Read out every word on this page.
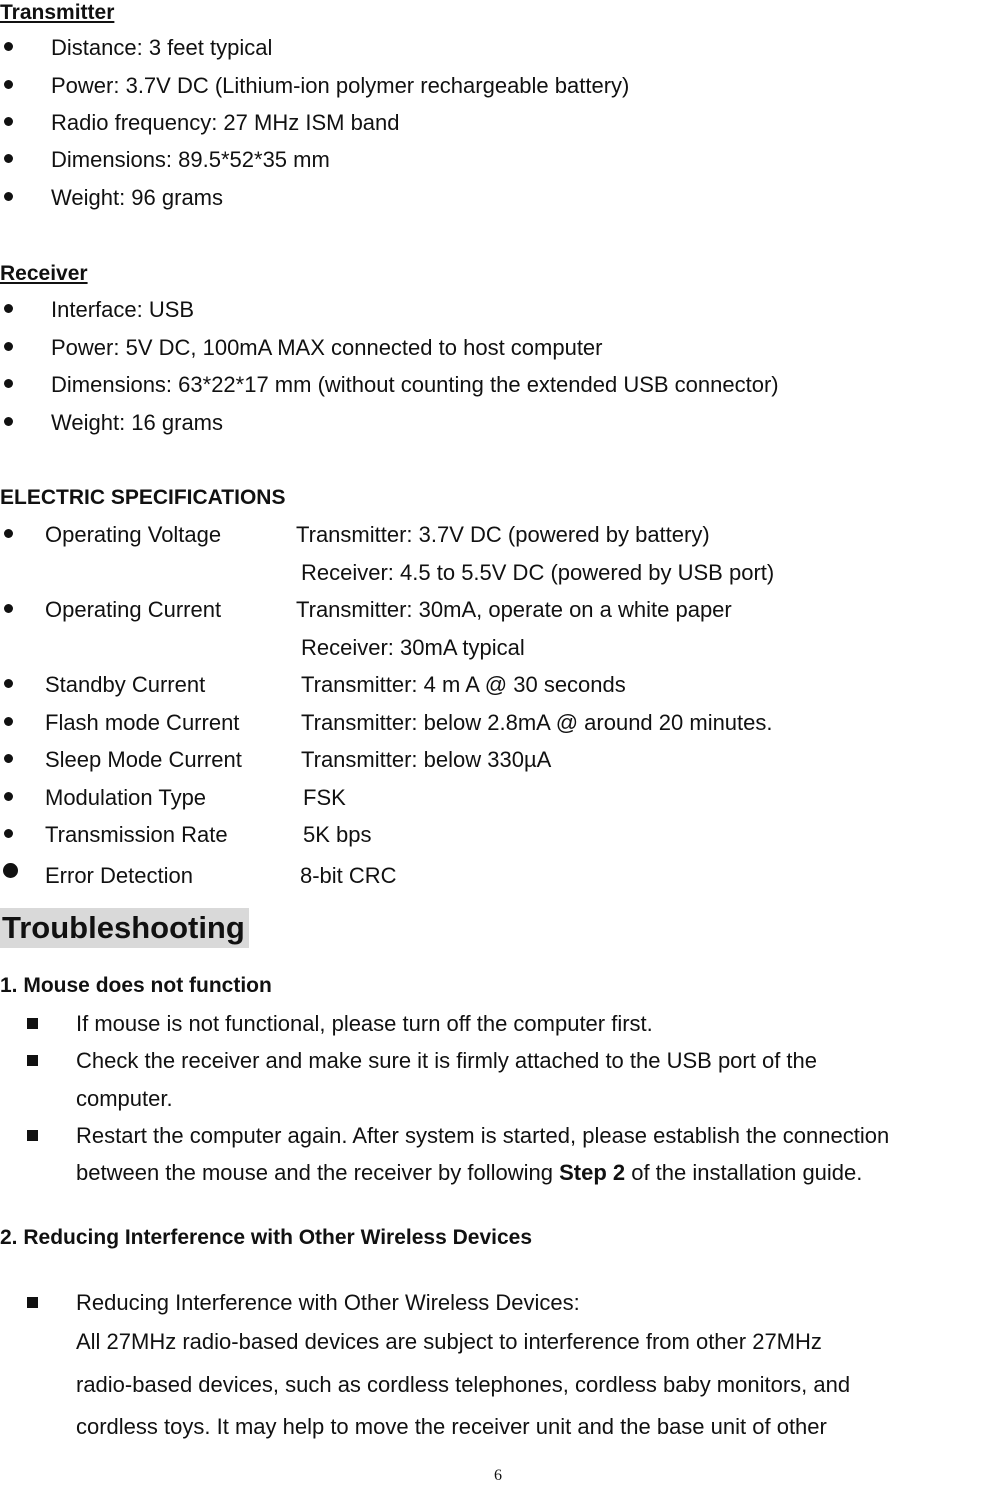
Transmitter
Distance: 3 feet typical
Power: 3.7V DC (Lithium-ion polymer rechargeable battery)
Radio frequency: 27 MHz ISM band
Dimensions: 89.5*52*35 mm
Weight: 96 grams
Receiver
Interface: USB
Power: 5V DC, 100mA MAX connected to host computer
Dimensions: 63*22*17 mm (without counting the extended USB connector)
Weight: 16 grams
ELECTRIC SPECIFICATIONS
Operating Voltage	Transmitter: 3.7V DC (powered by battery)
Receiver: 4.5 to 5.5V DC (powered by USB port)
Operating Current	Transmitter: 30mA, operate on a white paper
Receiver: 30mA typical
Standby Current	Transmitter: 4 m A @ 30 seconds
Flash mode Current	Transmitter: below 2.8mA @ around 20 minutes.
Sleep Mode Current	Transmitter: below 330µA
Modulation Type	FSK
Transmission Rate	5K bps
Error Detection	8-bit CRC
Troubleshooting
1. Mouse does not function
If mouse is not functional, please turn off the computer first.
Check the receiver and make sure it is firmly attached to the USB port of the
computer.
Restart the computer again. After system is started, please establish the connection
between the mouse and the receiver by following Step 2 of the installation guide.
2. Reducing Interference with Other Wireless Devices
Reducing Interference with Other Wireless Devices:
All 27MHz radio-based devices are subject to interference from other 27MHz
radio-based devices, such as cordless telephones, cordless baby monitors, and
cordless toys. It may help to move the receiver unit and the base unit of other
6
